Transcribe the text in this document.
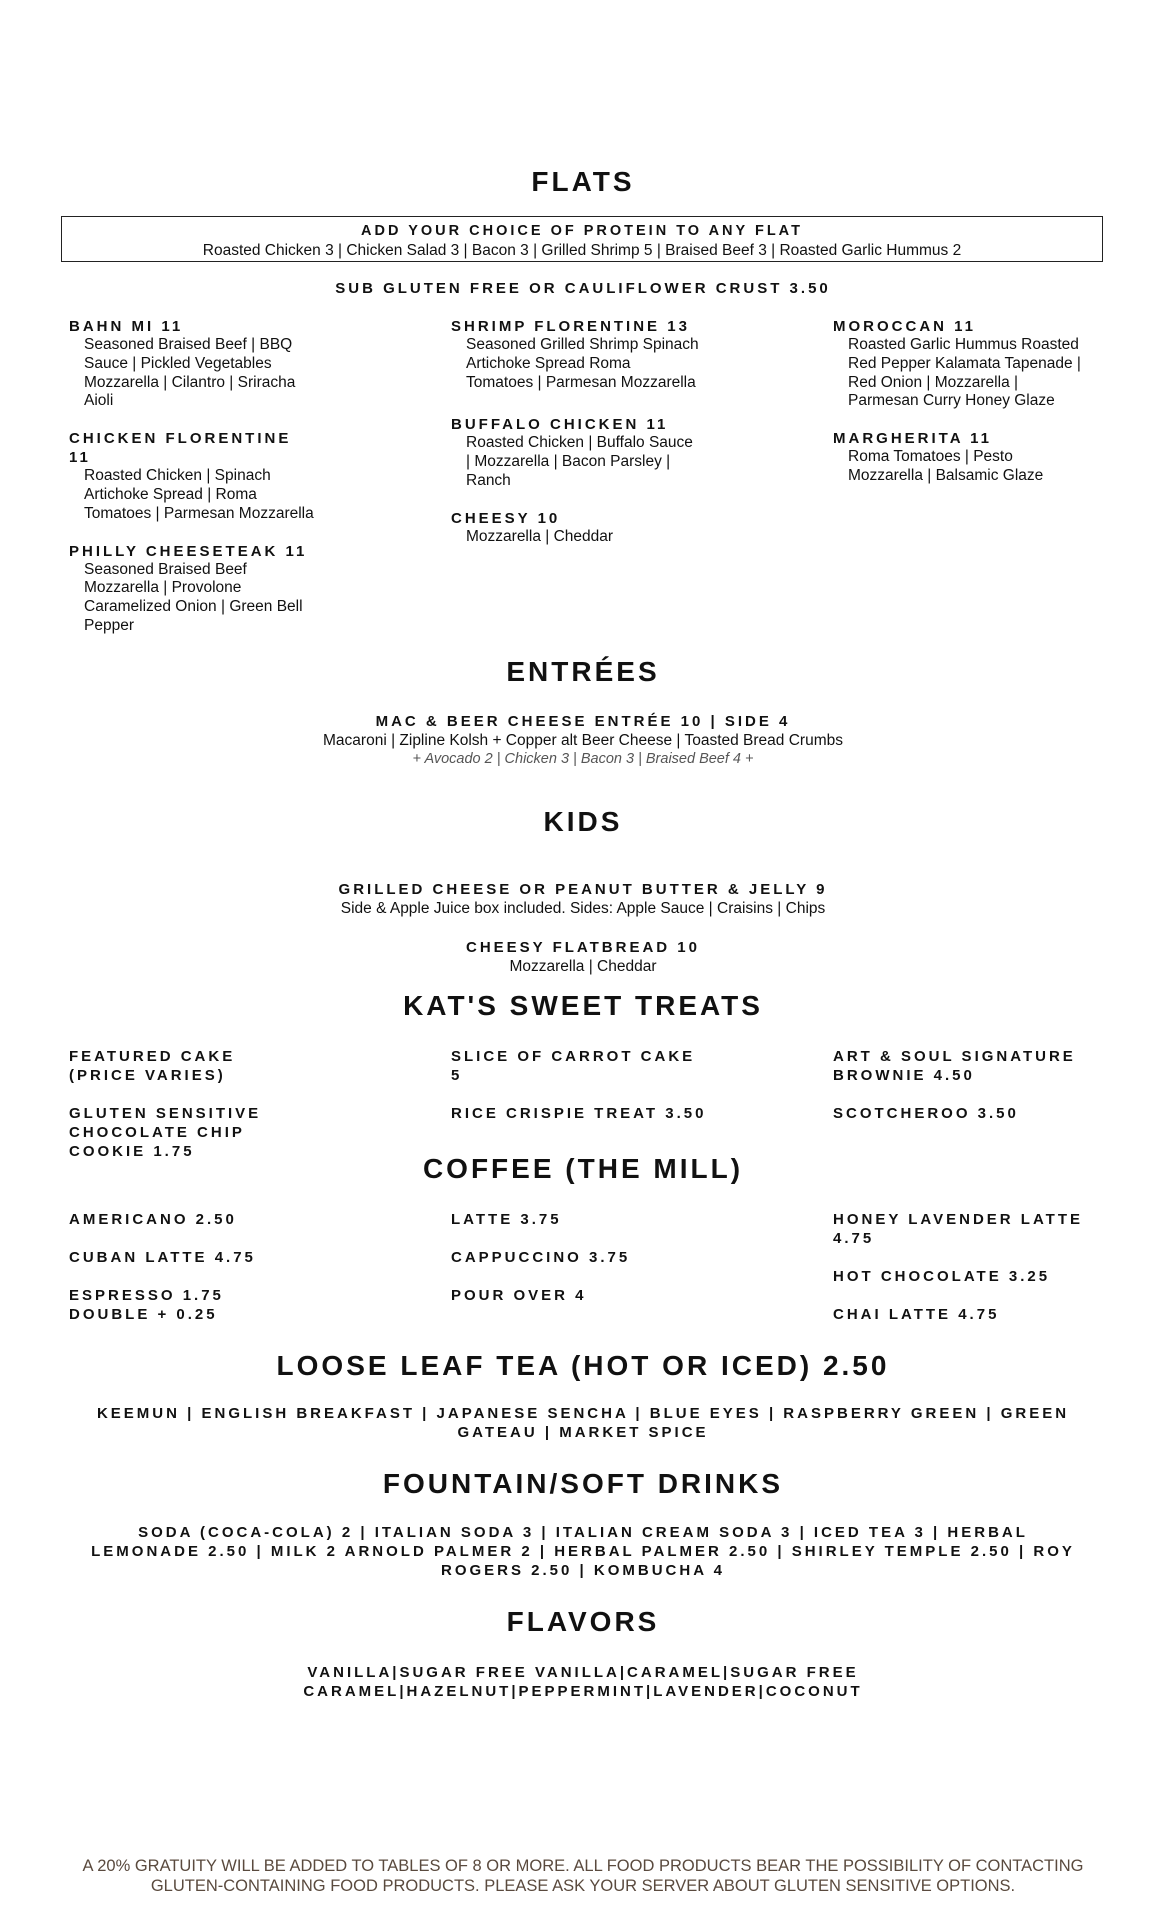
FLATS
ADD YOUR CHOICE OF PROTEIN TO ANY FLAT
Roasted Chicken 3 | Chicken Salad 3 | Bacon 3 | Grilled Shrimp 5 | Braised Beef 3 | Roasted Garlic Hummus 2
SUB GLUTEN FREE OR CAULIFLOWER CRUST 3.50
BAHN MI 11
Seasoned Braised Beef | BBQ Sauce | Pickled Vegetables Mozzarella | Cilantro | Sriracha Aioli
CHICKEN FLORENTINE 11
Roasted Chicken | Spinach Artichoke Spread | Roma Tomatoes | Parmesan Mozzarella
PHILLY CHEESETEAK 11
Seasoned Braised Beef Mozzarella | Provolone Caramelized Onion | Green Bell Pepper
SHRIMP FLORENTINE 13
Seasoned Grilled Shrimp Spinach Artichoke Spread Roma Tomatoes | Parmesan Mozzarella
BUFFALO CHICKEN 11
Roasted Chicken | Buffalo Sauce | Mozzarella | Bacon Parsley | Ranch
CHEESY 10
Mozzarella | Cheddar
MOROCCAN 11
Roasted Garlic Hummus Roasted Red Pepper Kalamata Tapenade | Red Onion | Mozzarella | Parmesan Curry Honey Glaze
MARGHERITA 11
Roma Tomatoes | Pesto Mozzarella | Balsamic Glaze
ENTRÉES
MAC & BEER CHEESE ENTRÉE 10 | SIDE 4
Macaroni | Zipline Kolsh + Copper alt Beer Cheese | Toasted Bread Crumbs
+ Avocado 2 | Chicken 3 | Bacon 3 | Braised Beef 4 +
KIDS
GRILLED CHEESE OR PEANUT BUTTER & JELLY 9
Side & Apple Juice box included. Sides: Apple Sauce | Craisins | Chips
CHEESY FLATBREAD 10
Mozzarella | Cheddar
KAT'S SWEET TREATS
FEATURED CAKE (PRICE VARIES)
GLUTEN SENSITIVE CHOCOLATE CHIP COOKIE 1.75
SLICE OF CARROT CAKE 5
RICE CRISPIE TREAT 3.50
ART & SOUL SIGNATURE BROWNIE 4.50
SCOTCHEROO 3.50
COFFEE (THE MILL)
AMERICANO 2.50
CUBAN LATTE 4.75
ESPRESSO 1.75 DOUBLE + 0.25
LATTE 3.75
CAPPUCCINO 3.75
POUR OVER 4
HONEY LAVENDER LATTE 4.75
HOT CHOCOLATE 3.25
CHAI LATTE 4.75
LOOSE LEAF TEA (HOT OR ICED) 2.50
KEEMUN | ENGLISH BREAKFAST | JAPANESE SENCHA | BLUE EYES | RASPBERRY GREEN | GREEN GATEAU | MARKET SPICE
FOUNTAIN/SOFT DRINKS
SODA (COCA-COLA) 2 | ITALIAN SODA 3 | ITALIAN CREAM SODA 3 | ICED TEA 3 | HERBAL LEMONADE 2.50 | MILK 2 ARNOLD PALMER 2 | HERBAL PALMER 2.50 | SHIRLEY TEMPLE 2.50 | ROY ROGERS 2.50 | KOMBUCHA 4
FLAVORS
VANILLA|SUGAR FREE VANILLA|CARAMEL|SUGAR FREE CARAMEL|HAZELNUT|PEPPERMINT|LAVENDER|COCONUT
A 20% GRATUITY WILL BE ADDED TO TABLES OF 8 OR MORE. ALL FOOD PRODUCTS BEAR THE POSSIBILITY OF CONTACTING GLUTEN-CONTAINING FOOD PRODUCTS. PLEASE ASK YOUR SERVER ABOUT GLUTEN SENSITIVE OPTIONS.
